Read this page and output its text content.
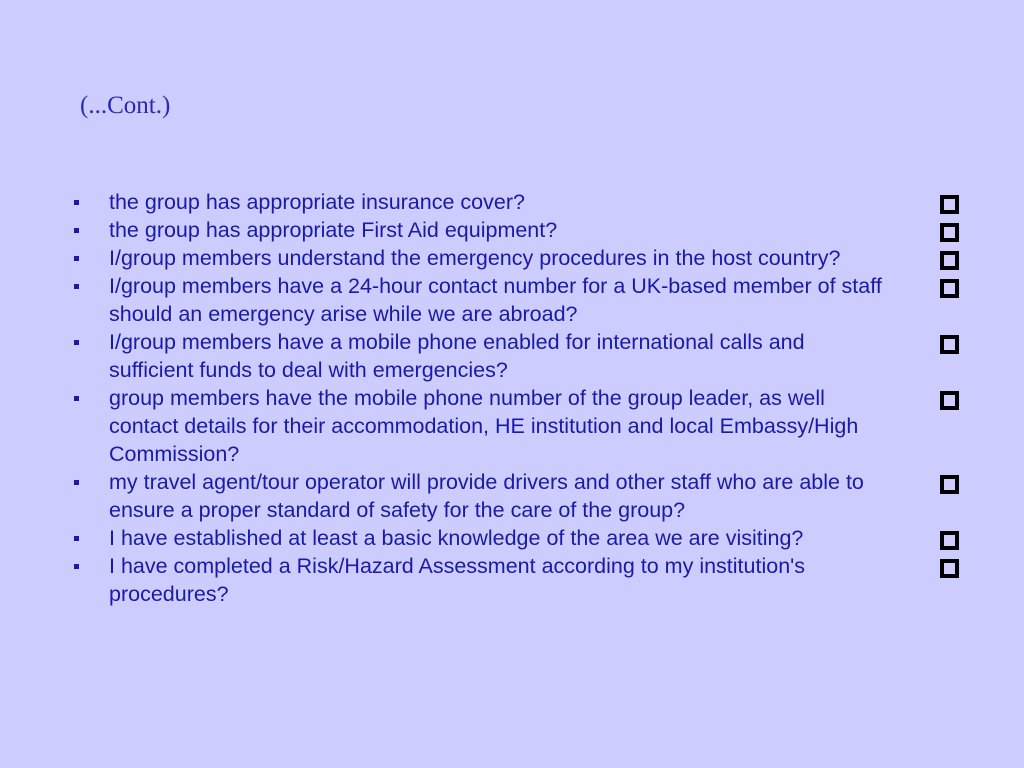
(...Cont.)
the group has appropriate insurance cover?
the group has appropriate First Aid equipment?
I/group members understand the emergency procedures in the host country?
I/group members have a 24-hour contact number for a UK-based member of staff should an emergency arise while we are abroad?
I/group members have a mobile phone enabled for international calls and sufficient funds to deal with emergencies?
group members have the mobile phone number of the group leader, as well contact details for their accommodation, HE institution and local Embassy/High Commission?
my travel agent/tour operator will provide drivers and other staff who are able to ensure a proper standard of safety for the care of the group?
I have established at least a basic knowledge of the area we are visiting?
I have completed a Risk/Hazard Assessment according to my institution's procedures?
